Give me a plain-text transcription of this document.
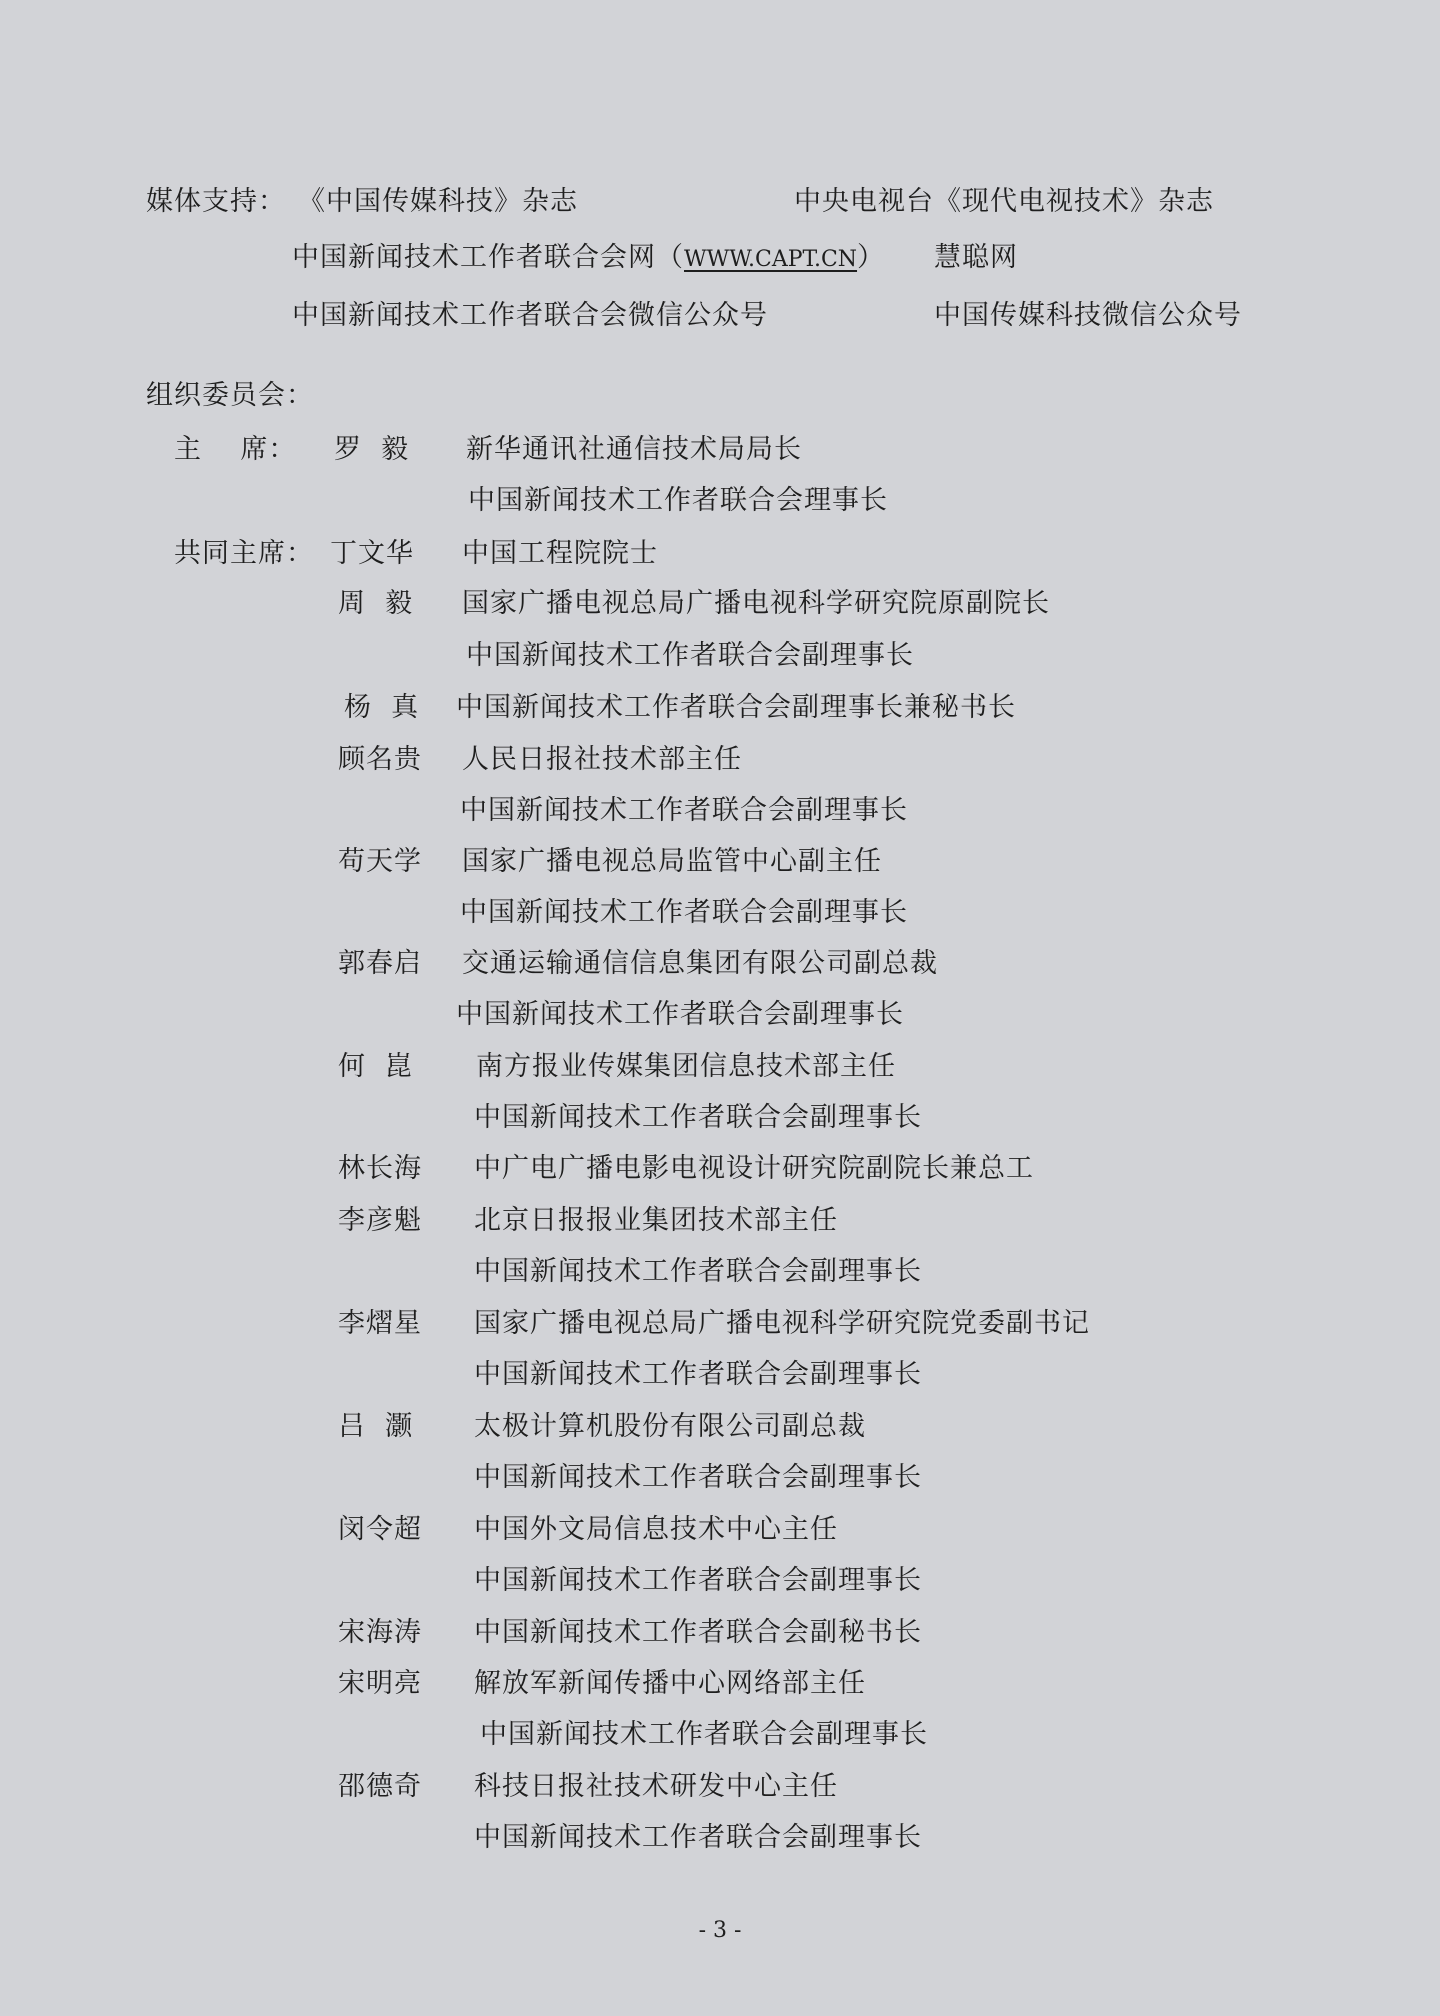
媒体支持： 《中国传媒科技》杂志	中央电视台《现代电视技术》杂志
中国新闻技术工作者联合会网（WWW.CAPT.CN） 慧聪网
中国新闻技术工作者联合会微信公众号	中国传媒科技微信公众号
组织委员会：
主    席： 罗  毅 新华通讯社通信技术局局长
中国新闻技术工作者联合会理事长
共同主席： 丁文华 中国工程院院士
周  毅 国家广播电视总局广播电视科学研究院原副院长
中国新闻技术工作者联合会副理事长
杨  真 中国新闻技术工作者联合会副理事长兼秘书长
顾名贵 人民日报社技术部主任
中国新闻技术工作者联合会副理事长
苟天学 国家广播电视总局监管中心副主任
中国新闻技术工作者联合会副理事长
郭春启 交通运输通信信息集团有限公司副总裁
中国新闻技术工作者联合会副理事长
何  崑 南方报业传媒集团信息技术部主任
中国新闻技术工作者联合会副理事长
林长海 中广电广播电影电视设计研究院副院长兼总工
李彦魁 北京日报报业集团技术部主任
中国新闻技术工作者联合会副理事长
李熠星 国家广播电视总局广播电视科学研究院党委副书记
中国新闻技术工作者联合会副理事长
吕  灏 太极计算机股份有限公司副总裁
中国新闻技术工作者联合会副理事长
闵令超 中国外文局信息技术中心主任
中国新闻技术工作者联合会副理事长
宋海涛 中国新闻技术工作者联合会副秘书长
宋明亮 解放军新闻传播中心网络部主任
中国新闻技术工作者联合会副理事长
邵德奇 科技日报社技术研发中心主任
中国新闻技术工作者联合会副理事长
- 3 -
